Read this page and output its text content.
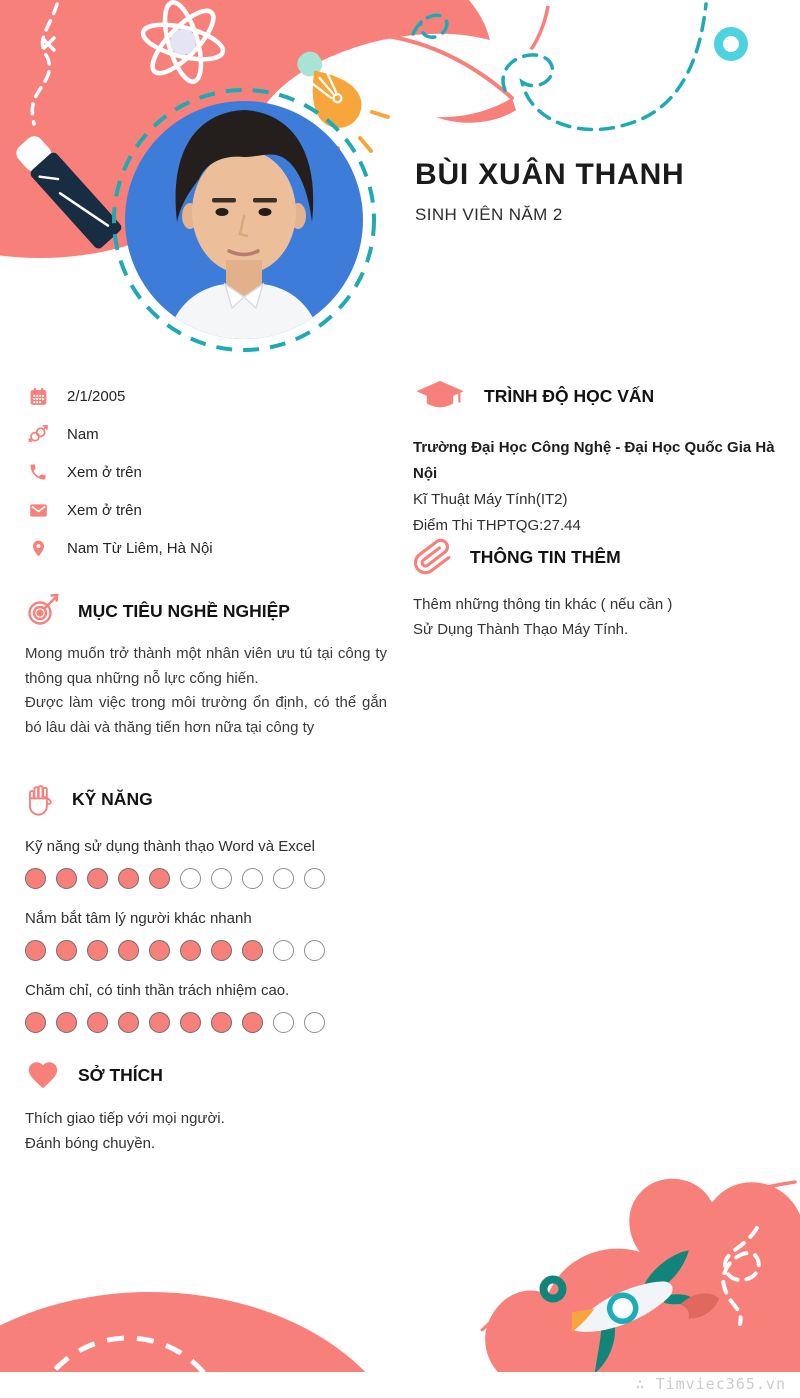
BÙI XUÂN THANH
SINH VIÊN NĂM 2
2/1/2005
Nam
Xem ở trên
Xem ở trên
Nam Từ Liêm, Hà Nội
MỤC TIÊU NGHỀ NGHIỆP
Mong muốn trở thành một nhân viên ưu tú tại công ty thông qua những nỗ lực cống hiến.
Được làm việc trong môi trường ổn định, có thể gắn bó lâu dài và thăng tiến hơn nữa tại công ty
KỸ NĂNG
Kỹ năng sử dụng thành thạo Word và Excel
Nắm bắt tâm lý người khác nhanh
Chăm chỉ, có tinh thần trách nhiệm cao.
SỞ THÍCH
Thích giao tiếp với mọi người.
Đánh bóng chuyền.
TRÌNH ĐỘ HỌC VẤN
Trường Đại Học Công Nghệ - Đại Học Quốc Gia Hà Nội
Kĩ Thuật Máy Tính(IT2)
Điểm Thi THPTQG:27.44
THÔNG TIN THÊM
Thêm những thông tin khác ( nếu cần )
Sử Dụng Thành Thạo Máy Tính.
∴ Timviec365.vn
